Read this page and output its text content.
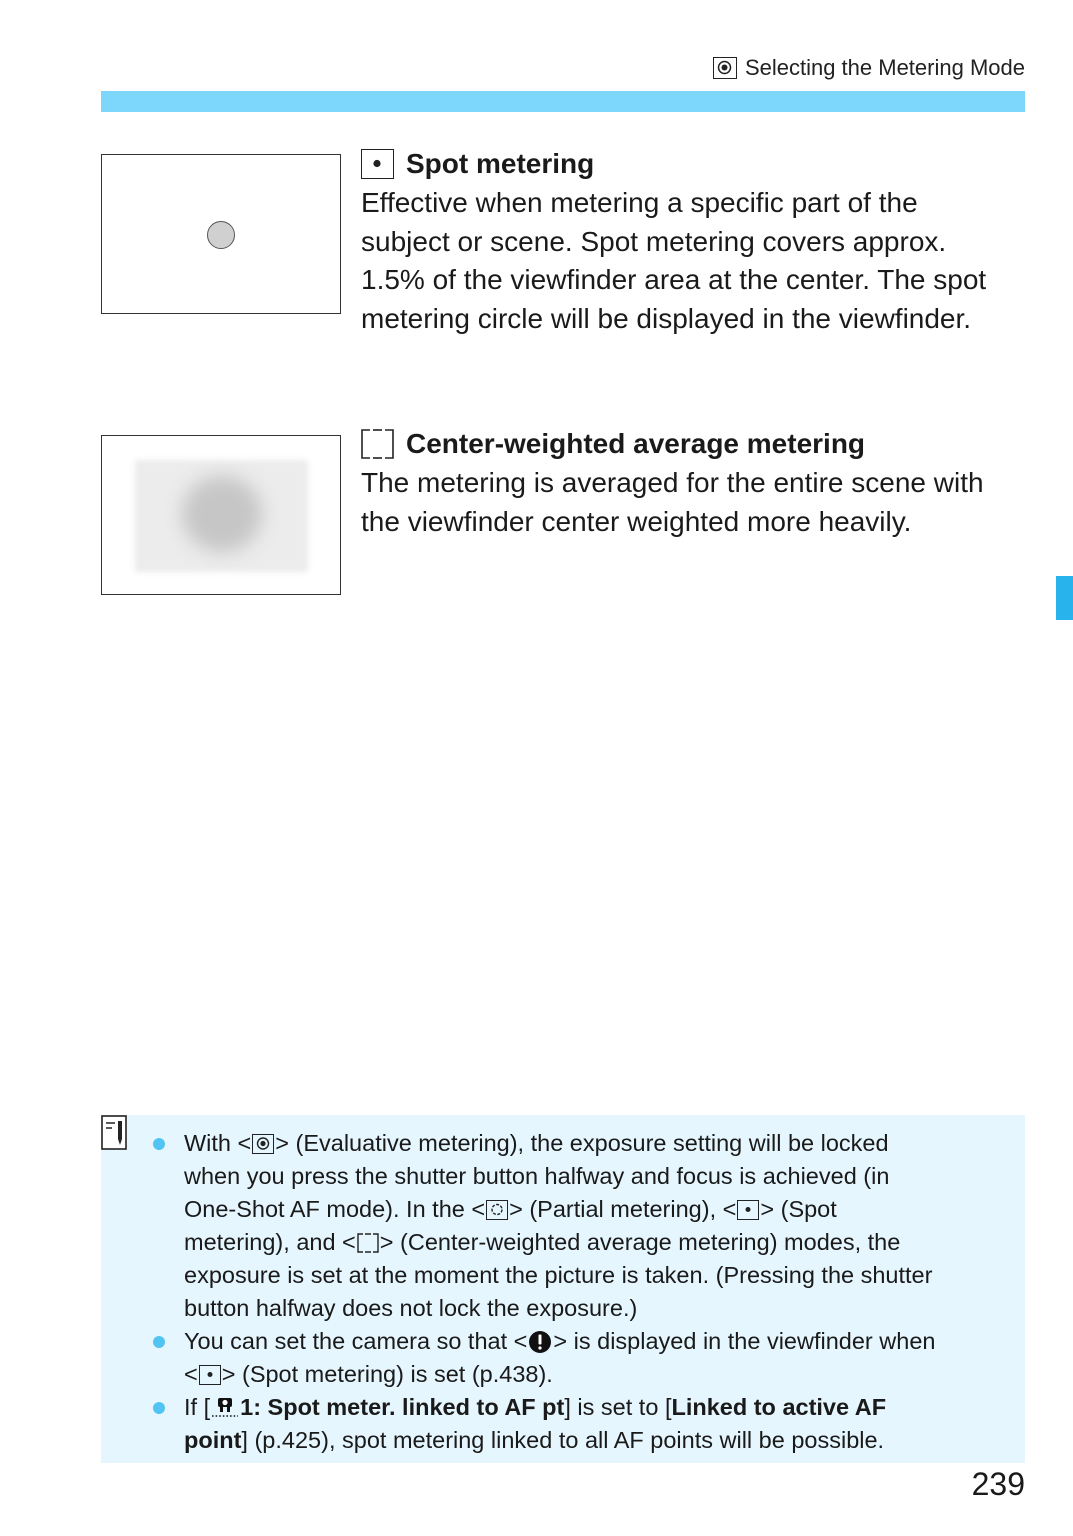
Selecting the Metering Mode
Spot metering
Effective when metering a specific part of the
subject or scene. Spot metering covers approx.
1.5% of the viewfinder area at the center. The spot
metering circle will be displayed in the viewfinder.
Center-weighted average metering
The metering is averaged for the entire scene with
the viewfinder center weighted more heavily.
With < > (Evaluative metering), the exposure setting will be locked
when you press the shutter button halfway and focus is achieved (in
One-Shot AF mode). In the < > (Partial metering), < > (Spot
metering), and < > (Center-weighted average metering) modes, the
exposure is set at the moment the picture is taken. (Pressing the shutter
button halfway does not lock the exposure.)
You can set the camera so that < > is displayed in the viewfinder when
< > (Spot metering) is set (p.438).
If [ 1: Spot meter. linked to AF pt] is set to [Linked to active AF
point] (p.425), spot metering linked to all AF points will be possible.
239
